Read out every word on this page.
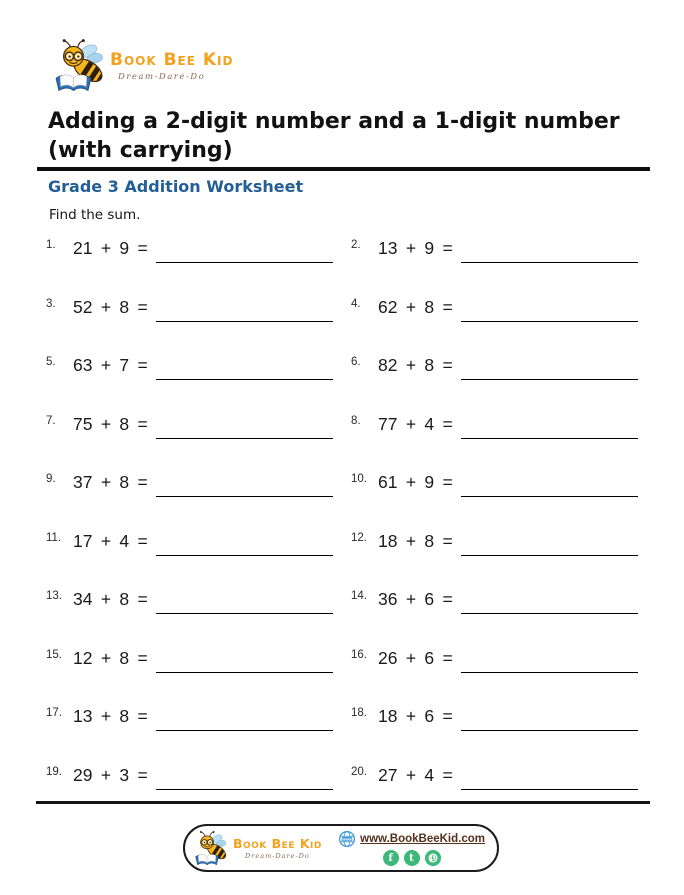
Book Bee Kid
Dream-Dare-Do
Adding a 2-digit number and a 1-digit number
(with carrying)
Grade 3 Addition Worksheet
Find the sum.
1. 21 + 9 =	2. 13 + 9 =
3. 52 + 8 =	4. 62 + 8 =
5. 63 + 7 =	6. 82 + 8 =
7. 75 + 8 =	8. 77 + 4 =
9. 37 + 8 =	10. 61 + 9 =
11. 17 + 4 =	12. 18 + 8 =
13. 34 + 8 =	14. 36 + 6 =
15. 12 + 8 =	16. 26 + 6 =
17. 13 + 8 =	18. 18 + 6 =
19. 29 + 3 =	20. 27 + 4 =
Book Bee Kid
Dream-Dare-Do
www www.BookBeeKid.com
f	t	p
